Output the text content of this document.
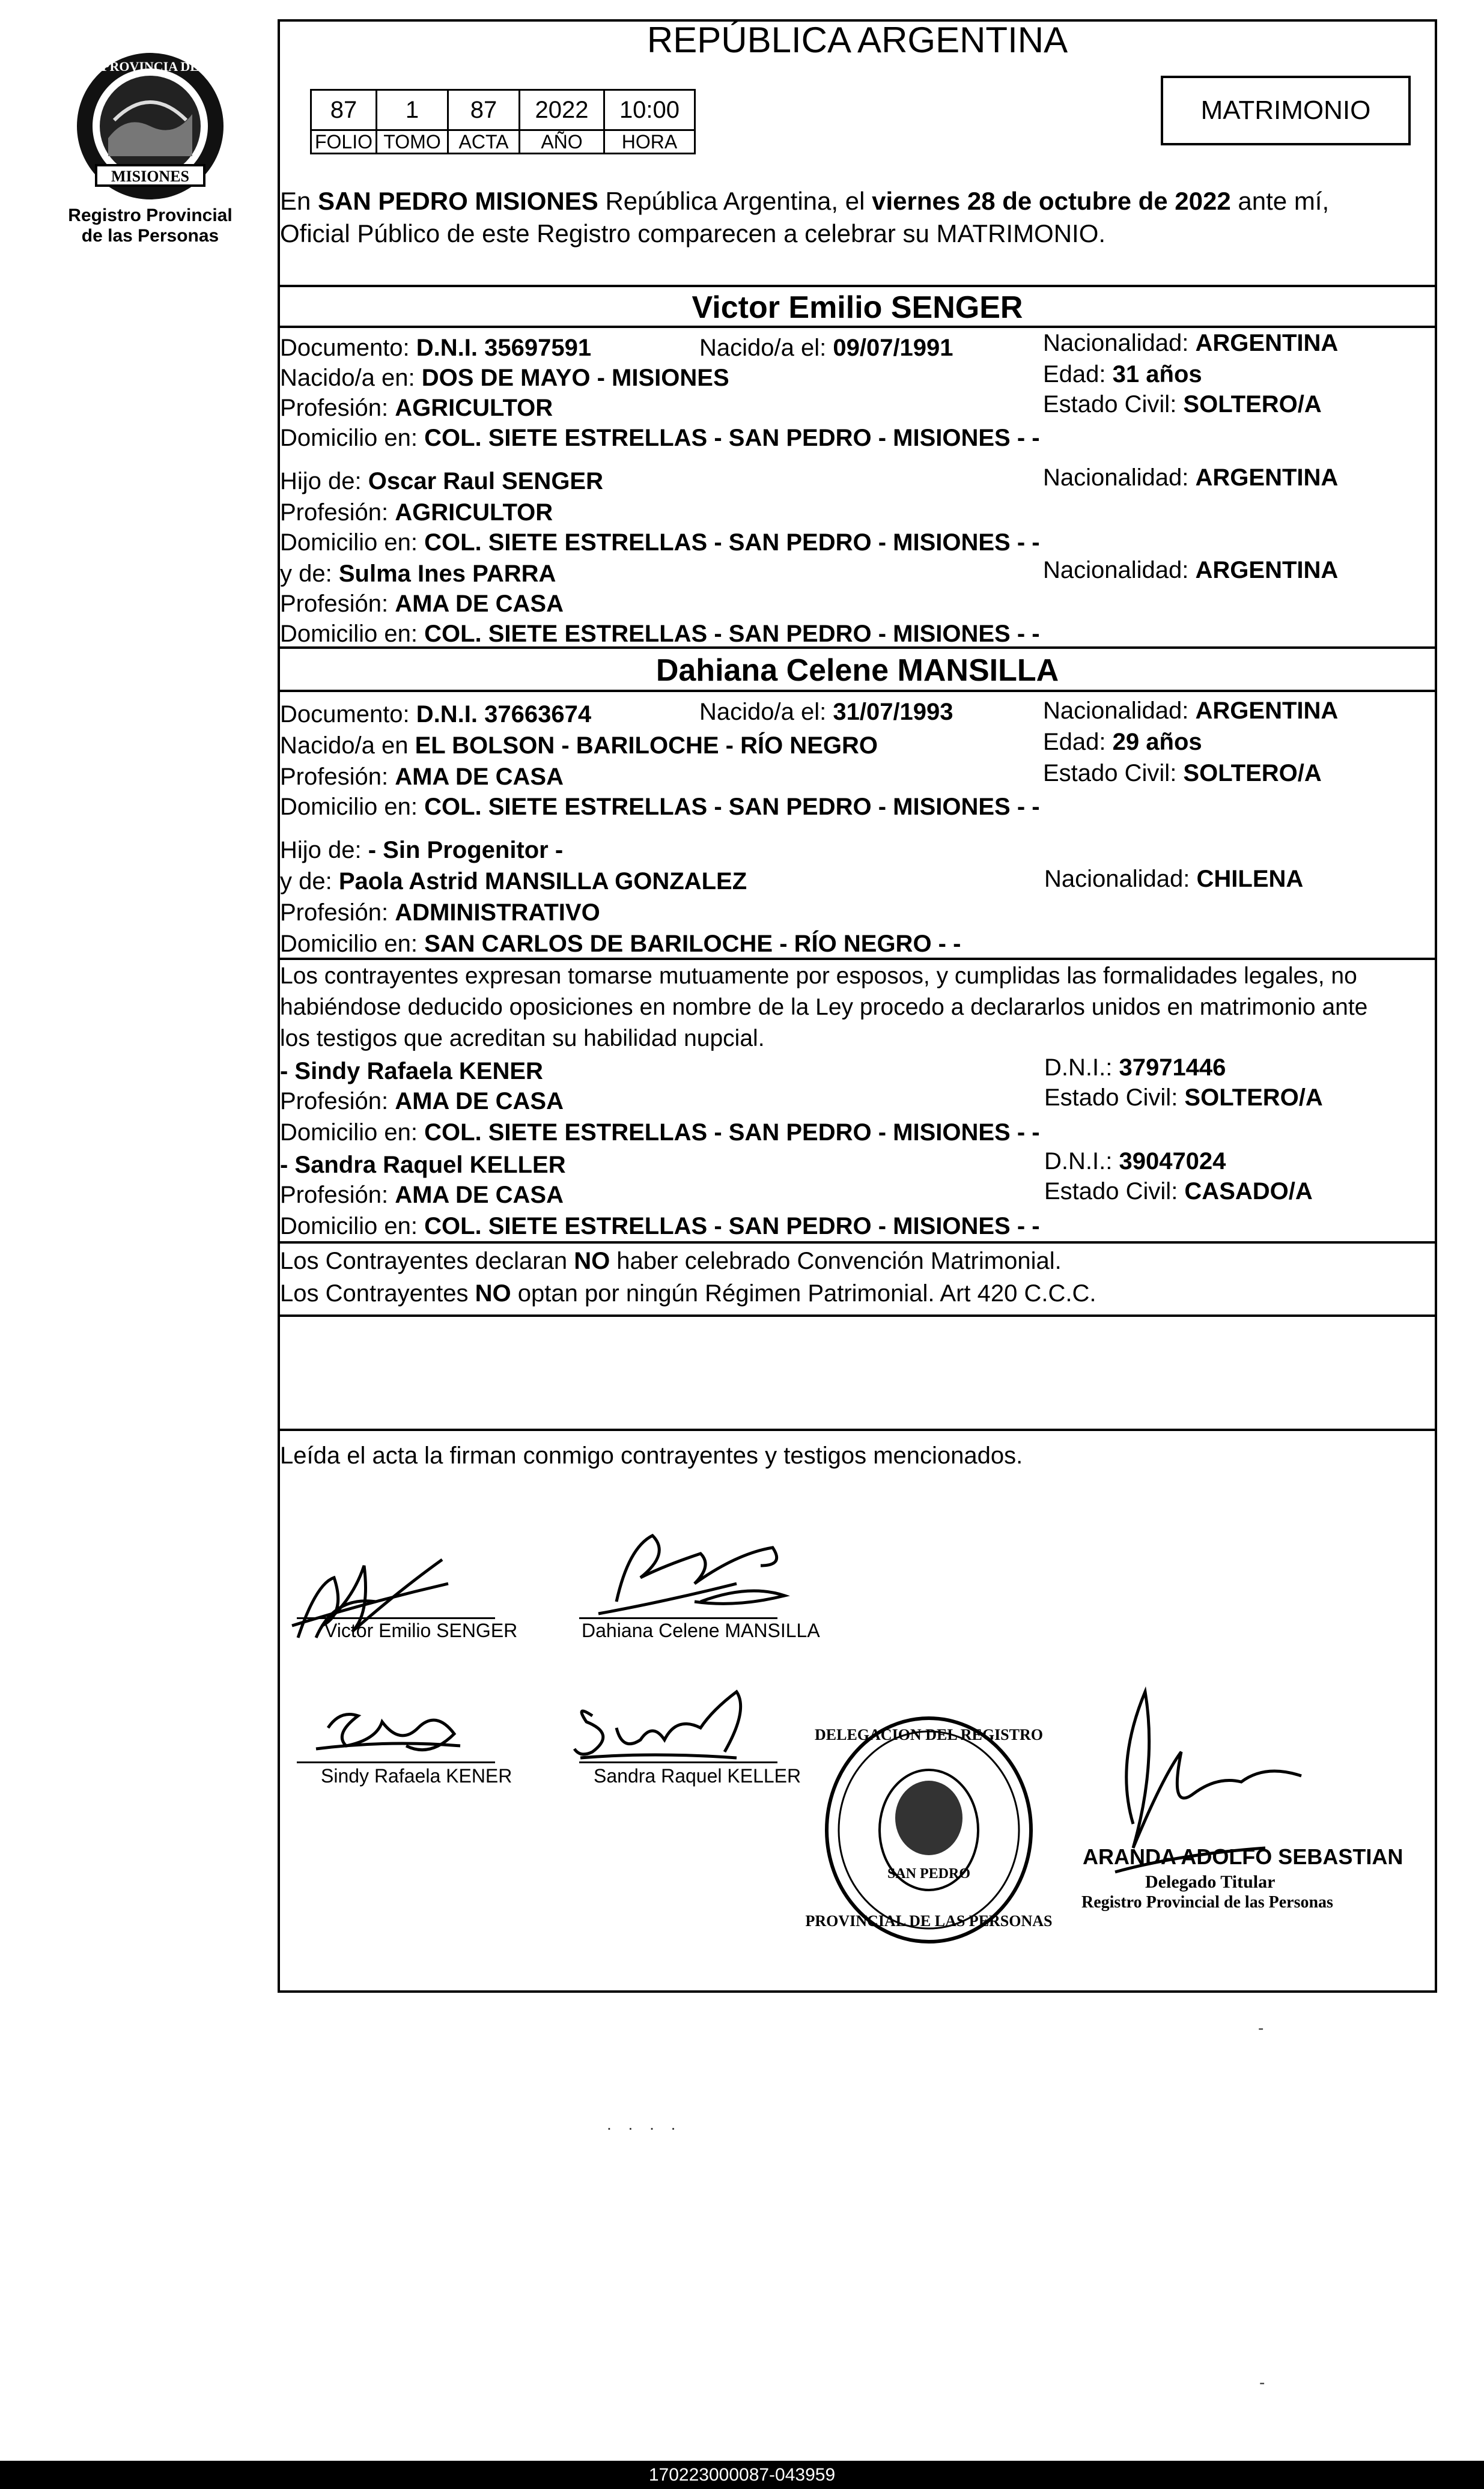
MISIONES
PROVINCIA DE
Registro Provincial
de las Personas
REPÚBLICA ARGENTINA
87	1	87	2022	10:00
FOLIO	TOMO	ACTA	AÑO	HORA
MATRIMONIO
En SAN PEDRO MISIONES República Argentina, el viernes 28 de octubre de 2022 ante mí,
Oficial Público de este Registro comparecen a celebrar su MATRIMONIO.
Victor Emilio SENGER
Documento: D.N.I. 35697591	Nacido/a el: 09/07/1991	Nacionalidad: ARGENTINA
Nacido/a en: DOS DE MAYO - MISIONES	Edad: 31 años
Profesión: AGRICULTOR	Estado Civil: SOLTERO/A
Domicilio en: COL. SIETE ESTRELLAS - SAN PEDRO - MISIONES - -
Hijo de: Oscar Raul SENGER	Nacionalidad: ARGENTINA
Profesión: AGRICULTOR
Domicilio en: COL. SIETE ESTRELLAS - SAN PEDRO - MISIONES - -
y de: Sulma Ines PARRA	Nacionalidad: ARGENTINA
Profesión: AMA DE CASA
Domicilio en: COL. SIETE ESTRELLAS - SAN PEDRO - MISIONES - -
Dahiana Celene MANSILLA
Documento: D.N.I. 37663674	Nacido/a el: 31/07/1993	Nacionalidad: ARGENTINA
Nacido/a en EL BOLSON - BARILOCHE - RÍO NEGRO	Edad: 29 años
Profesión: AMA DE CASA	Estado Civil: SOLTERO/A
Domicilio en: COL. SIETE ESTRELLAS - SAN PEDRO - MISIONES - -
Hijo de: - Sin Progenitor -
y de: Paola Astrid MANSILLA GONZALEZ	Nacionalidad: CHILENA
Profesión: ADMINISTRATIVO
Domicilio en: SAN CARLOS DE BARILOCHE - RÍO NEGRO - -
Los contrayentes expresan tomarse mutuamente por esposos, y cumplidas las formalidades legales, no
habiéndose deducido oposiciones en nombre de la Ley procedo a declararlos unidos en matrimonio ante
los testigos que acreditan su habilidad nupcial.
- Sindy Rafaela KENER	D.N.I.: 37971446
Profesión: AMA DE CASA	Estado Civil: SOLTERO/A
Domicilio en: COL. SIETE ESTRELLAS - SAN PEDRO - MISIONES - -
- Sandra Raquel KELLER	D.N.I.: 39047024
Profesión: AMA DE CASA	Estado Civil: CASADO/A
Domicilio en: COL. SIETE ESTRELLAS - SAN PEDRO - MISIONES - -
Los Contrayentes declaran NO haber celebrado Convención Matrimonial.
Los Contrayentes NO optan por ningún Régimen Patrimonial. Art 420 C.C.C.
Leída el acta la firman conmigo contrayentes y testigos mencionados.
DELEGACION DEL REGISTRO
PROVINCIAL DE LAS PERSONAS
SAN PEDRO
Victor Emilio SENGER	Dahiana Celene MANSILLA
Sindy Rafaela KENER	Sandra Raquel KELLER
ARANDA ADOLFO SEBASTIAN
Delegado Titular
Registro Provincial de las Personas
-
. . . .
-
170223000087-043959
